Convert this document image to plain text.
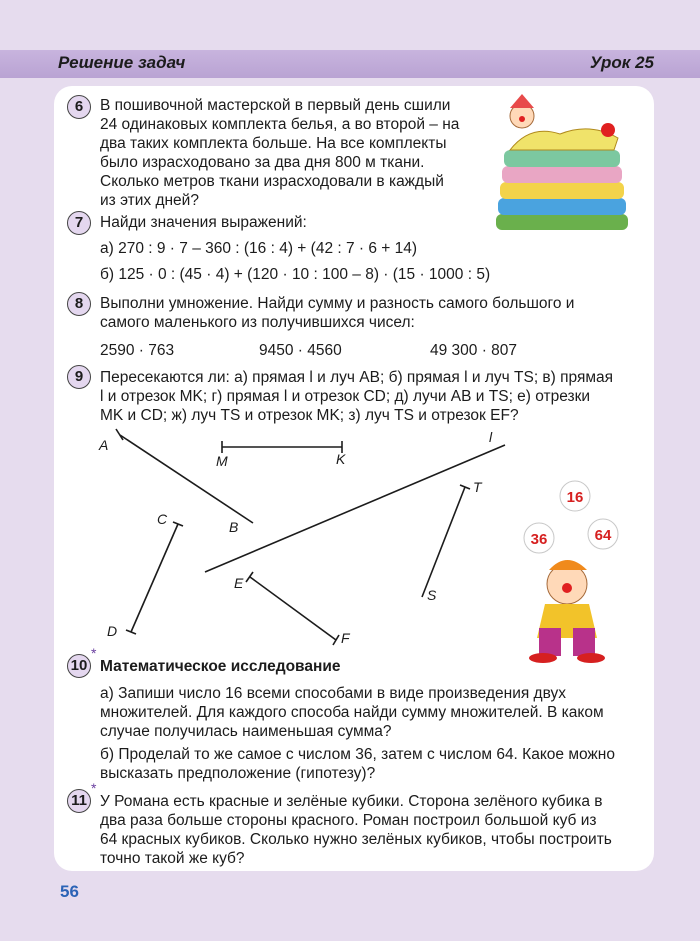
Решение задач	Урок 25
6	В пошивочной мастерской в первый день сшили
24 одинаковых комплекта белья, а во второй – на
два таких комплекта больше. На все комплекты
было израсходовано за два дня 800 м ткани.
Сколько метров ткани израсходовали в каждый
из этих дней?
7	Найди значения выражений:
а) 270 : 9 · 7 – 360 : (16 : 4) + (42 : 7 · 6 + 14)
б) 125 · 0 : (45 · 4) + (120 · 10 : 100 – 8) · (15 · 1000 : 5)
8	Выполни умножение. Найди сумму и разность самого большого и
самого маленького из получившихся чисел:
2590 · 763	9450 · 4560	49 300 · 807
9	Пересекаются ли: а) прямая l и луч AB; б) прямая l и луч TS; в) прямая
l и отрезок MK; г) прямая l и отрезок CD; д) лучи AB и TS; е) отрезки
MK и CD; ж) луч TS и отрезок MK; з) луч TS и отрезок EF?
A
B
M	K
l
C
D
T
S
E
F
16
36	64
10
*
Математическое исследование
а) Запиши число 16 всеми способами в виде произведения двух
множителей. Для каждого способа найди сумму множителей. В каком
случае получилась наименьшая сумма?
б) Проделай то же самое с числом 36, затем с числом 64. Какое можно
высказать предположение (гипотезу)?
11
*
У Романа есть красные и зелёные кубики. Сторона зелёного кубика в
два раза больше стороны красного. Роман построил большой куб из
64 красных кубиков. Сколько нужно зелёных кубиков, чтобы построить
точно такой же куб?
56
